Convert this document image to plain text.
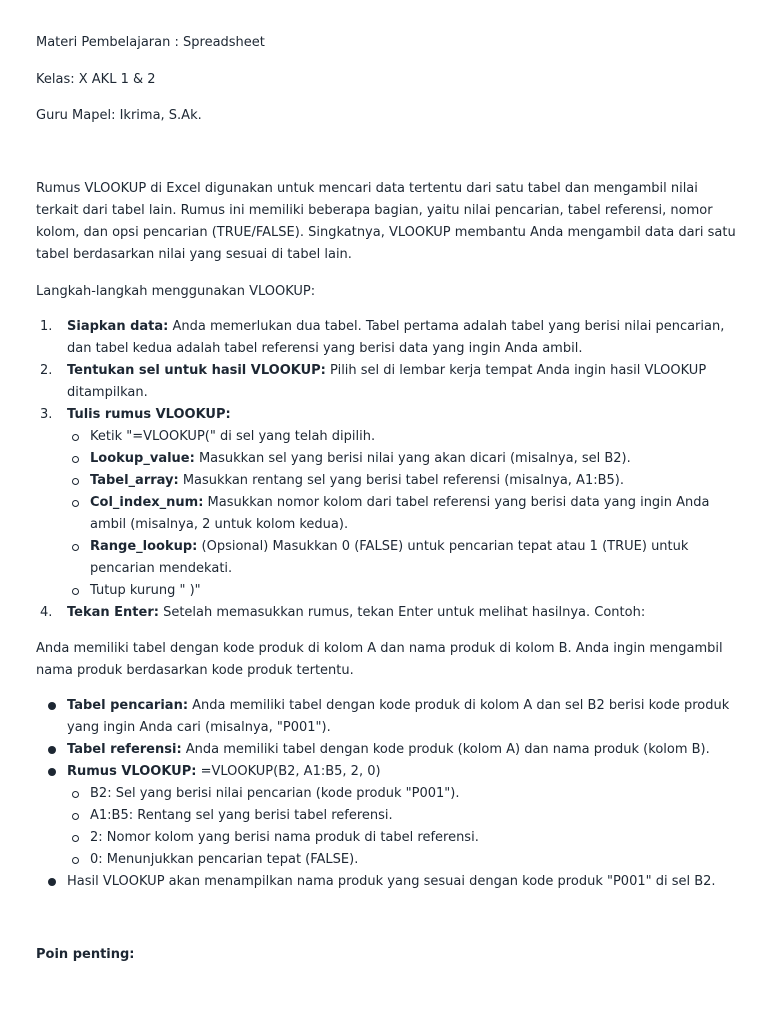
Materi Pembelajaran : Spreadsheet

Kelas: X AKL 1 & 2

Guru Mapel: Ikrima, S.Ak.

Rumus VLOOKUP di Excel digunakan untuk mencari data tertentu dari satu tabel dan mengambil nilai terkait dari tabel lain. Rumus ini memiliki beberapa bagian, yaitu nilai pencarian, tabel referensi, nomor kolom, dan opsi pencarian (TRUE/FALSE). Singkatnya, VLOOKUP membantu Anda mengambil data dari satu tabel berdasarkan nilai yang sesuai di tabel lain.

Langkah-langkah menggunakan VLOOKUP:

1. Siapkan data: Anda memerlukan dua tabel. Tabel pertama adalah tabel yang berisi nilai pencarian, dan tabel kedua adalah tabel referensi yang berisi data yang ingin Anda ambil.
2. Tentukan sel untuk hasil VLOOKUP: Pilih sel di lembar kerja tempat Anda ingin hasil VLOOKUP ditampilkan.
3. Tulis rumus VLOOKUP:
Ketik "=VLOOKUP(" di sel yang telah dipilih.
Lookup_value: Masukkan sel yang berisi nilai yang akan dicari (misalnya, sel B2).
Tabel_array: Masukkan rentang sel yang berisi tabel referensi (misalnya, A1:B5).
Col_index_num: Masukkan nomor kolom dari tabel referensi yang berisi data yang ingin Anda ambil (misalnya, 2 untuk kolom kedua).
Range_lookup: (Opsional) Masukkan 0 (FALSE) untuk pencarian tepat atau 1 (TRUE) untuk pencarian mendekati.
Tutup kurung " )"
4. Tekan Enter: Setelah memasukkan rumus, tekan Enter untuk melihat hasilnya. Contoh:

Anda memiliki tabel dengan kode produk di kolom A dan nama produk di kolom B. Anda ingin mengambil nama produk berdasarkan kode produk tertentu.

Tabel pencarian: Anda memiliki tabel dengan kode produk di kolom A dan sel B2 berisi kode produk yang ingin Anda cari (misalnya, "P001").
Tabel referensi: Anda memiliki tabel dengan kode produk (kolom A) dan nama produk (kolom B).
Rumus VLOOKUP: =VLOOKUP(B2, A1:B5, 2, 0)
B2: Sel yang berisi nilai pencarian (kode produk "P001").
A1:B5: Rentang sel yang berisi tabel referensi.
2: Nomor kolom yang berisi nama produk di tabel referensi.
0: Menunjukkan pencarian tepat (FALSE).
Hasil VLOOKUP akan menampilkan nama produk yang sesuai dengan kode produk "P001" di sel B2.

Poin penting:
